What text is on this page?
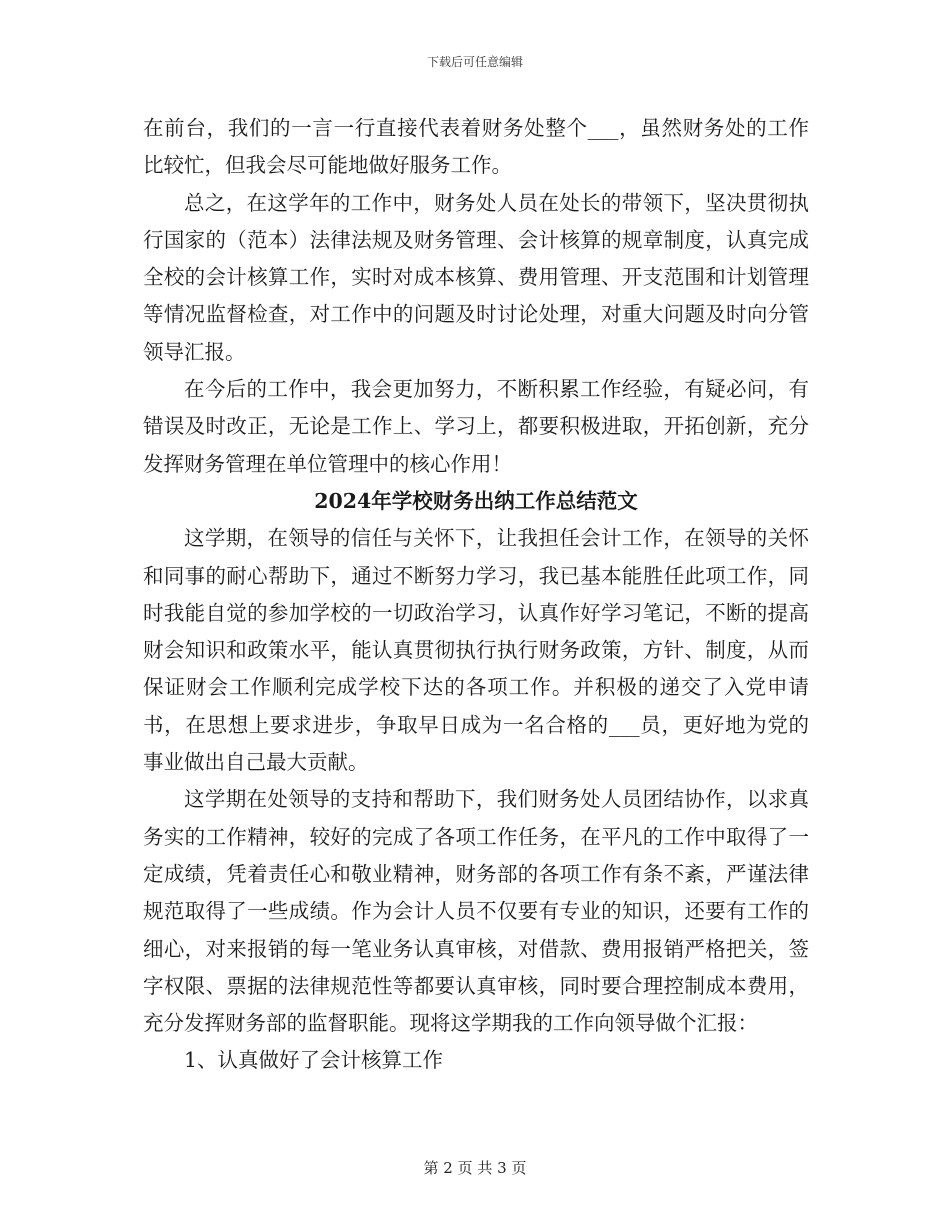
下载后可任意编辑

在前台，我们的一言一行直接代表着财务处整个___，虽然财务处的工作比较忙，但我会尽可能地做好服务工作。

总之，在这学年的工作中，财务处人员在处长的带领下，坚决贯彻执行国家的（范本）法律法规及财务管理、会计核算的规章制度，认真完成全校的会计核算工作，实时对成本核算、费用管理、开支范围和计划管理等情况监督检查，对工作中的问题及时讨论处理，对重大问题及时向分管领导汇报。

在今后的工作中，我会更加努力，不断积累工作经验，有疑必问，有错误及时改正，无论是工作上、学习上，都要积极进取，开拓创新，充分发挥财务管理在单位管理中的核心作用！

2024年学校财务出纳工作总结范文

这学期，在领导的信任与关怀下，让我担任会计工作，在领导的关怀和同事的耐心帮助下，通过不断努力学习，我已基本能胜任此项工作，同时我能自觉的参加学校的一切政治学习，认真作好学习笔记，不断的提高财会知识和政策水平，能认真贯彻执行执行财务政策，方针、制度，从而保证财会工作顺利完成学校下达的各项工作。并积极的递交了入党申请书，在思想上要求进步，争取早日成为一名合格的___员，更好地为党的事业做出自己最大贡献。

这学期在处领导的支持和帮助下，我们财务处人员团结协作，以求真务实的工作精神，较好的完成了各项工作任务，在平凡的工作中取得了一定成绩，凭着责任心和敬业精神，财务部的各项工作有条不紊，严谨法律规范取得了一些成绩。作为会计人员不仅要有专业的知识，还要有工作的细心，对来报销的每一笔业务认真审核，对借款、费用报销严格把关，签字权限、票据的法律规范性等都要认真审核，同时要合理控制成本费用，充分发挥财务部的监督职能。现将这学期我的工作向领导做个汇报：

1、认真做好了会计核算工作

第 2 页 共 3 页
